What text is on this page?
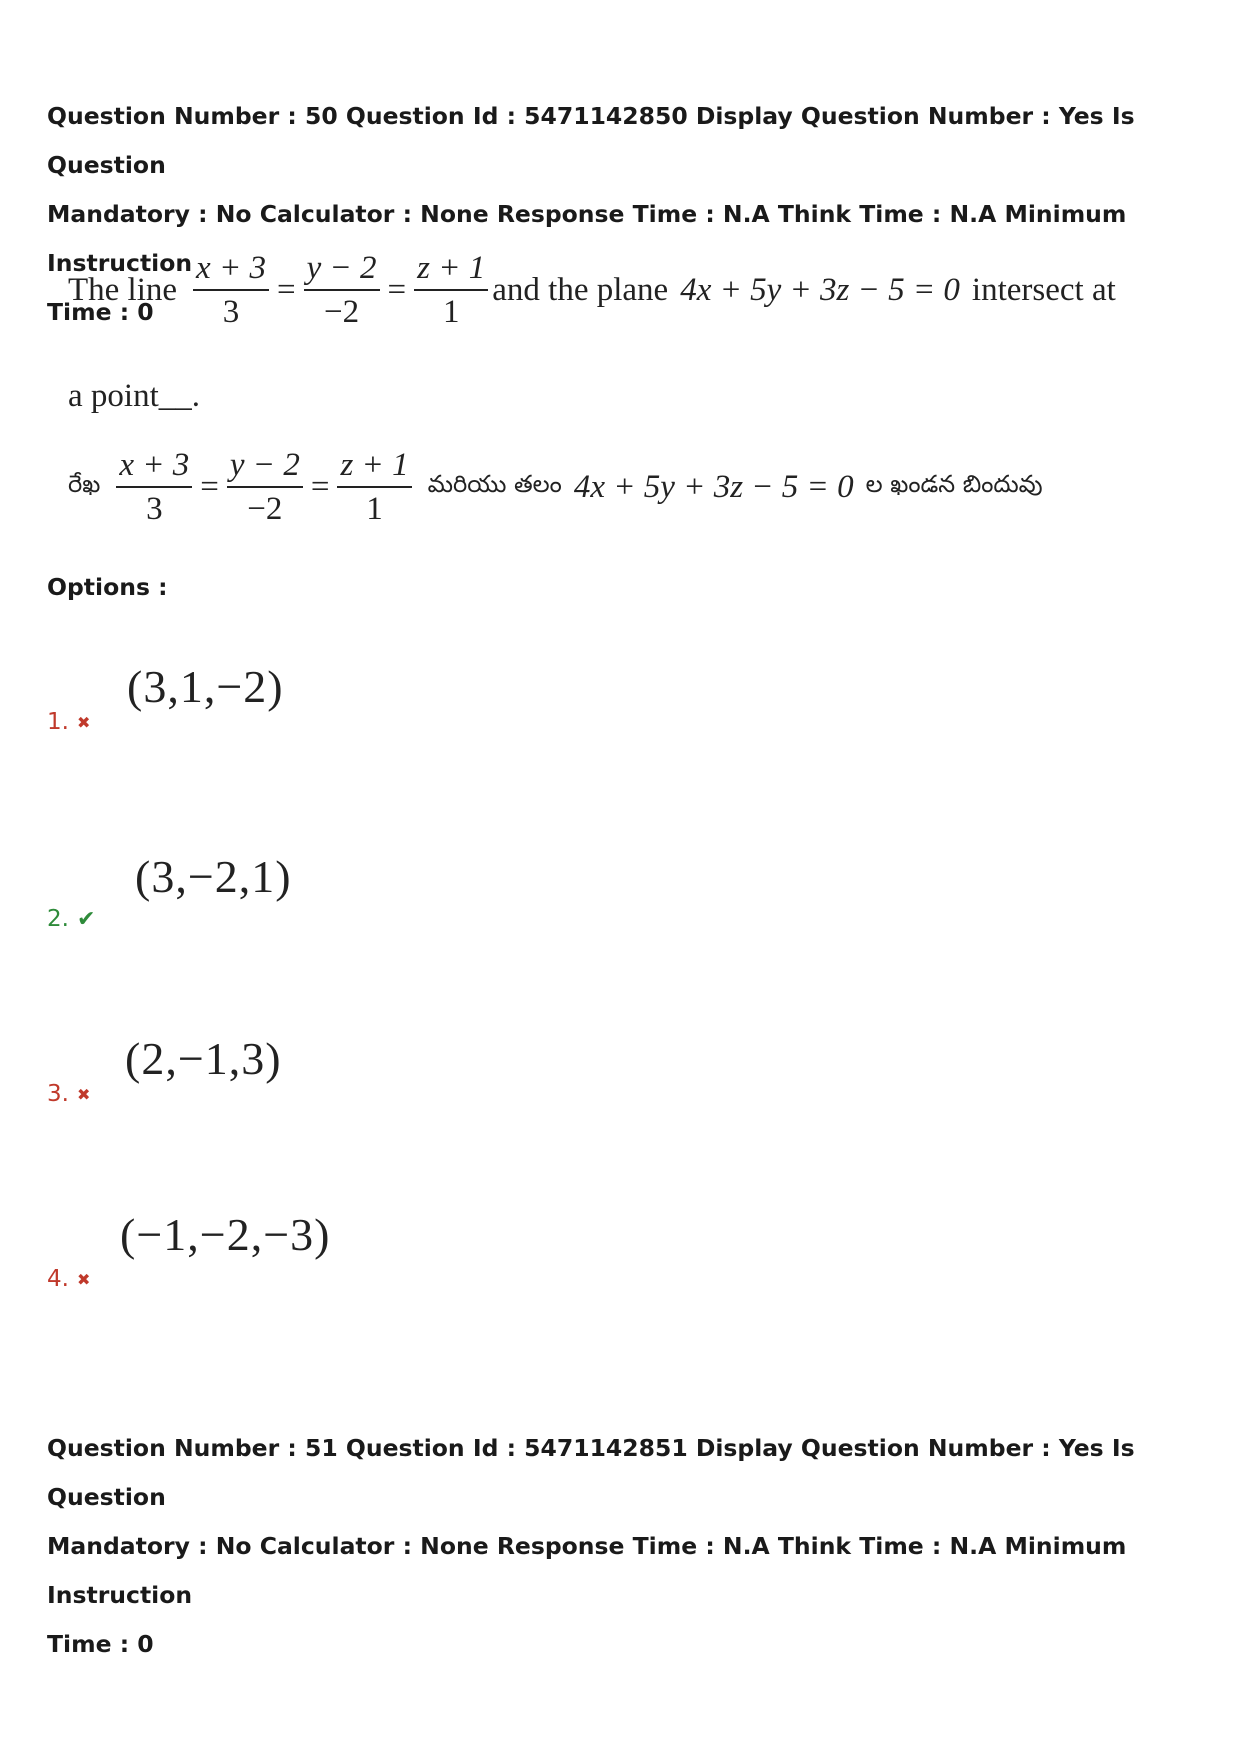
Question Number : 50 Question Id : 5471142850 Display Question Number : Yes Is Question
Mandatory : No Calculator : None Response Time : N.A Think Time : N.A Minimum Instruction
Time : 0
The line $\frac{x + 3}{3} = \frac{y - 2}{-2} = \frac{z + 1}{1}$ and the plane 4x + 5y + 3z − 5 = 0 intersect at
a point__.
రేఖ $\frac{x + 3}{3} = \frac{y - 2}{-2} = \frac{z + 1}{1}$ మరియు తలం 4x + 5y + 3z − 5 = 0 ల ఖండన బిందువు
Options :
(3,1,−2)
1. ✖
(3,−2,1)
2. ✔
(2,−1,3)
3. ✖
(−1,−2,−3)
4. ✖
Question Number : 51 Question Id : 5471142851 Display Question Number : Yes Is Question
Mandatory : No Calculator : None Response Time : N.A Think Time : N.A Minimum Instruction
Time : 0
